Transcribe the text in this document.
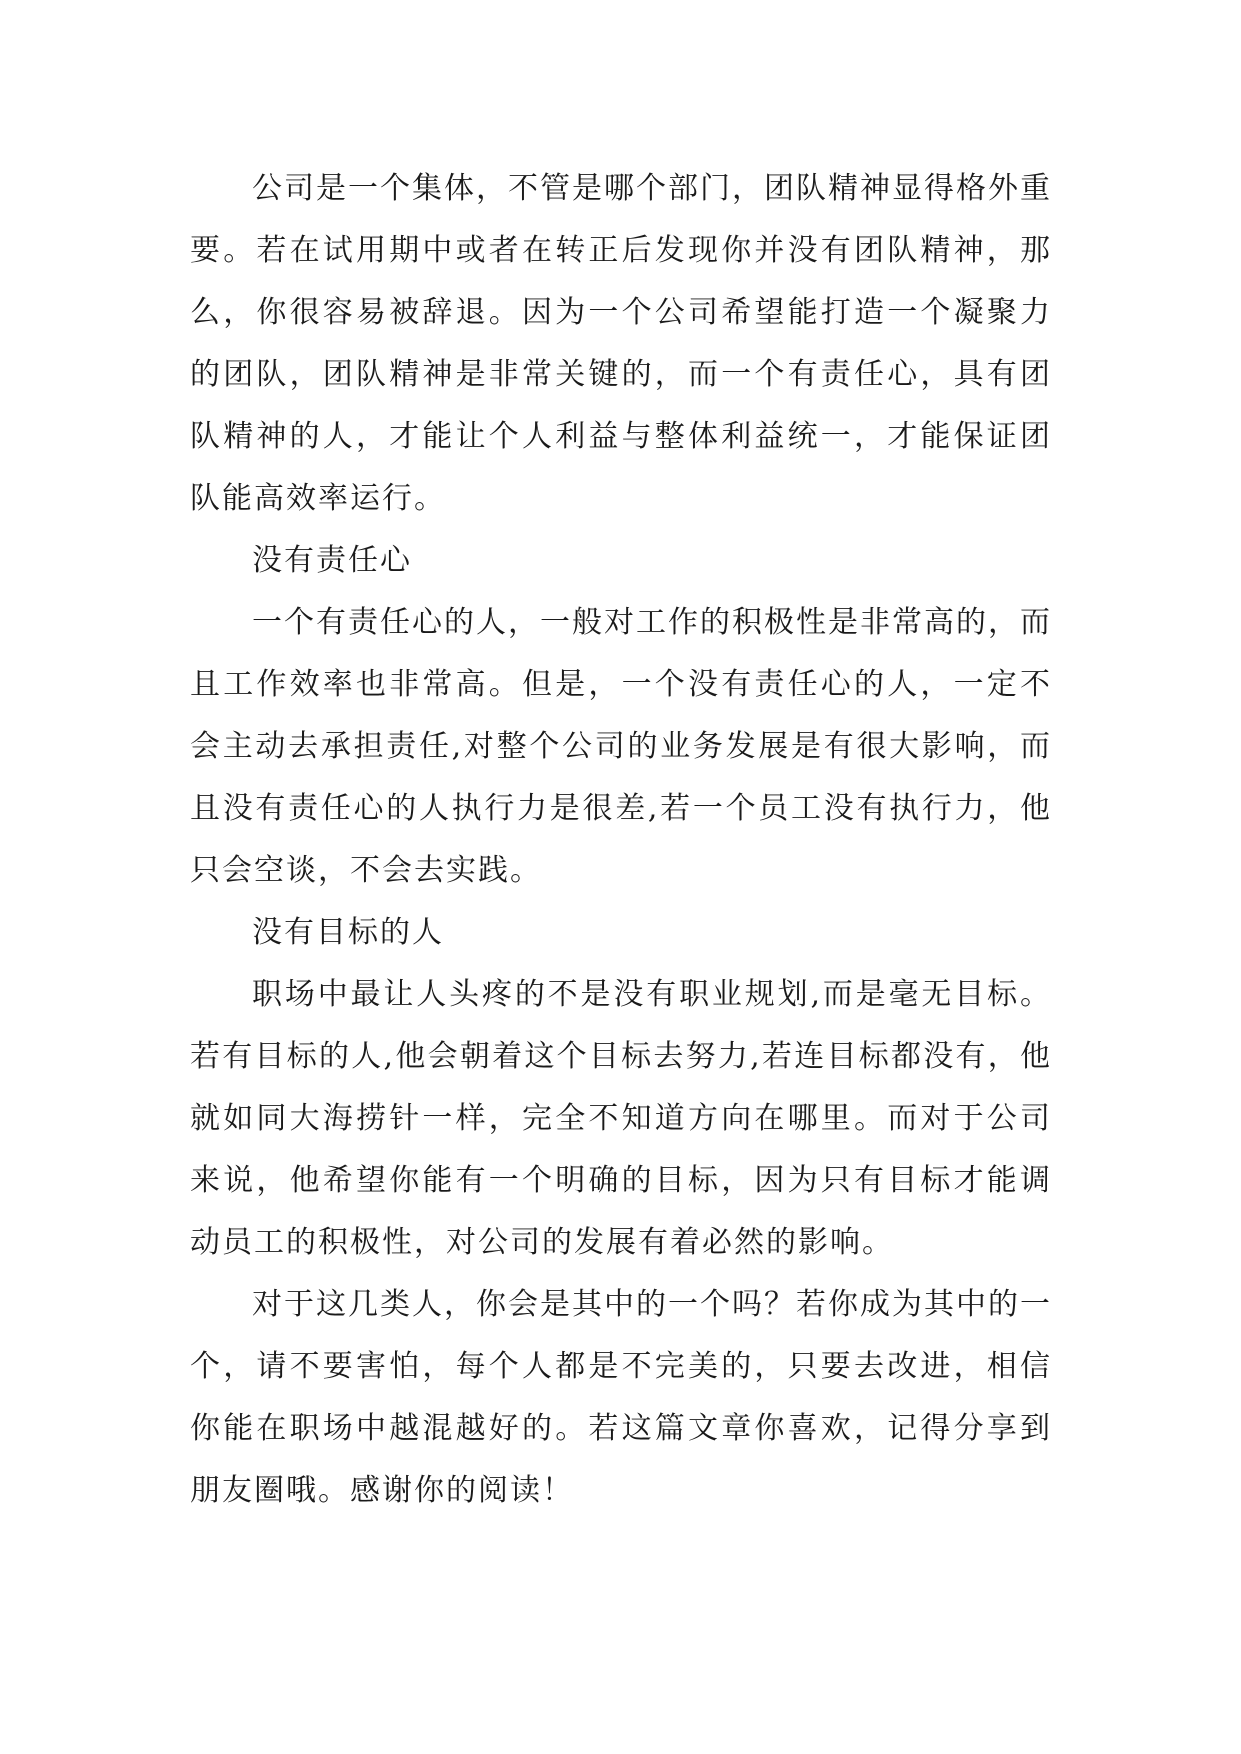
公司是一个集体，不管是哪个部门，团队精神显得格外重要。若在试用期中或者在转正后发现你并没有团队精神，那么，你很容易被辞退。因为一个公司希望能打造一个凝聚力的团队，团队精神是非常关键的，而一个有责任心，具有团队精神的人，才能让个人利益与整体利益统一，才能保证团队能高效率运行。

没有责任心

一个有责任心的人，一般对工作的积极性是非常高的，而且工作效率也非常高。但是，一个没有责任心的人，一定不会主动去承担责任,对整个公司的业务发展是有很大影响，而且没有责任心的人执行力是很差,若一个员工没有执行力，他只会空谈，不会去实践。

没有目标的人

职场中最让人头疼的不是没有职业规划,而是毫无目标。若有目标的人,他会朝着这个目标去努力,若连目标都没有，他就如同大海捞针一样，完全不知道方向在哪里。而对于公司来说，他希望你能有一个明确的目标，因为只有目标才能调动员工的积极性，对公司的发展有着必然的影响。

对于这几类人，你会是其中的一个吗？若你成为其中的一个，请不要害怕，每个人都是不完美的，只要去改进，相信你能在职场中越混越好的。若这篇文章你喜欢，记得分享到朋友圈哦。感谢你的阅读！
